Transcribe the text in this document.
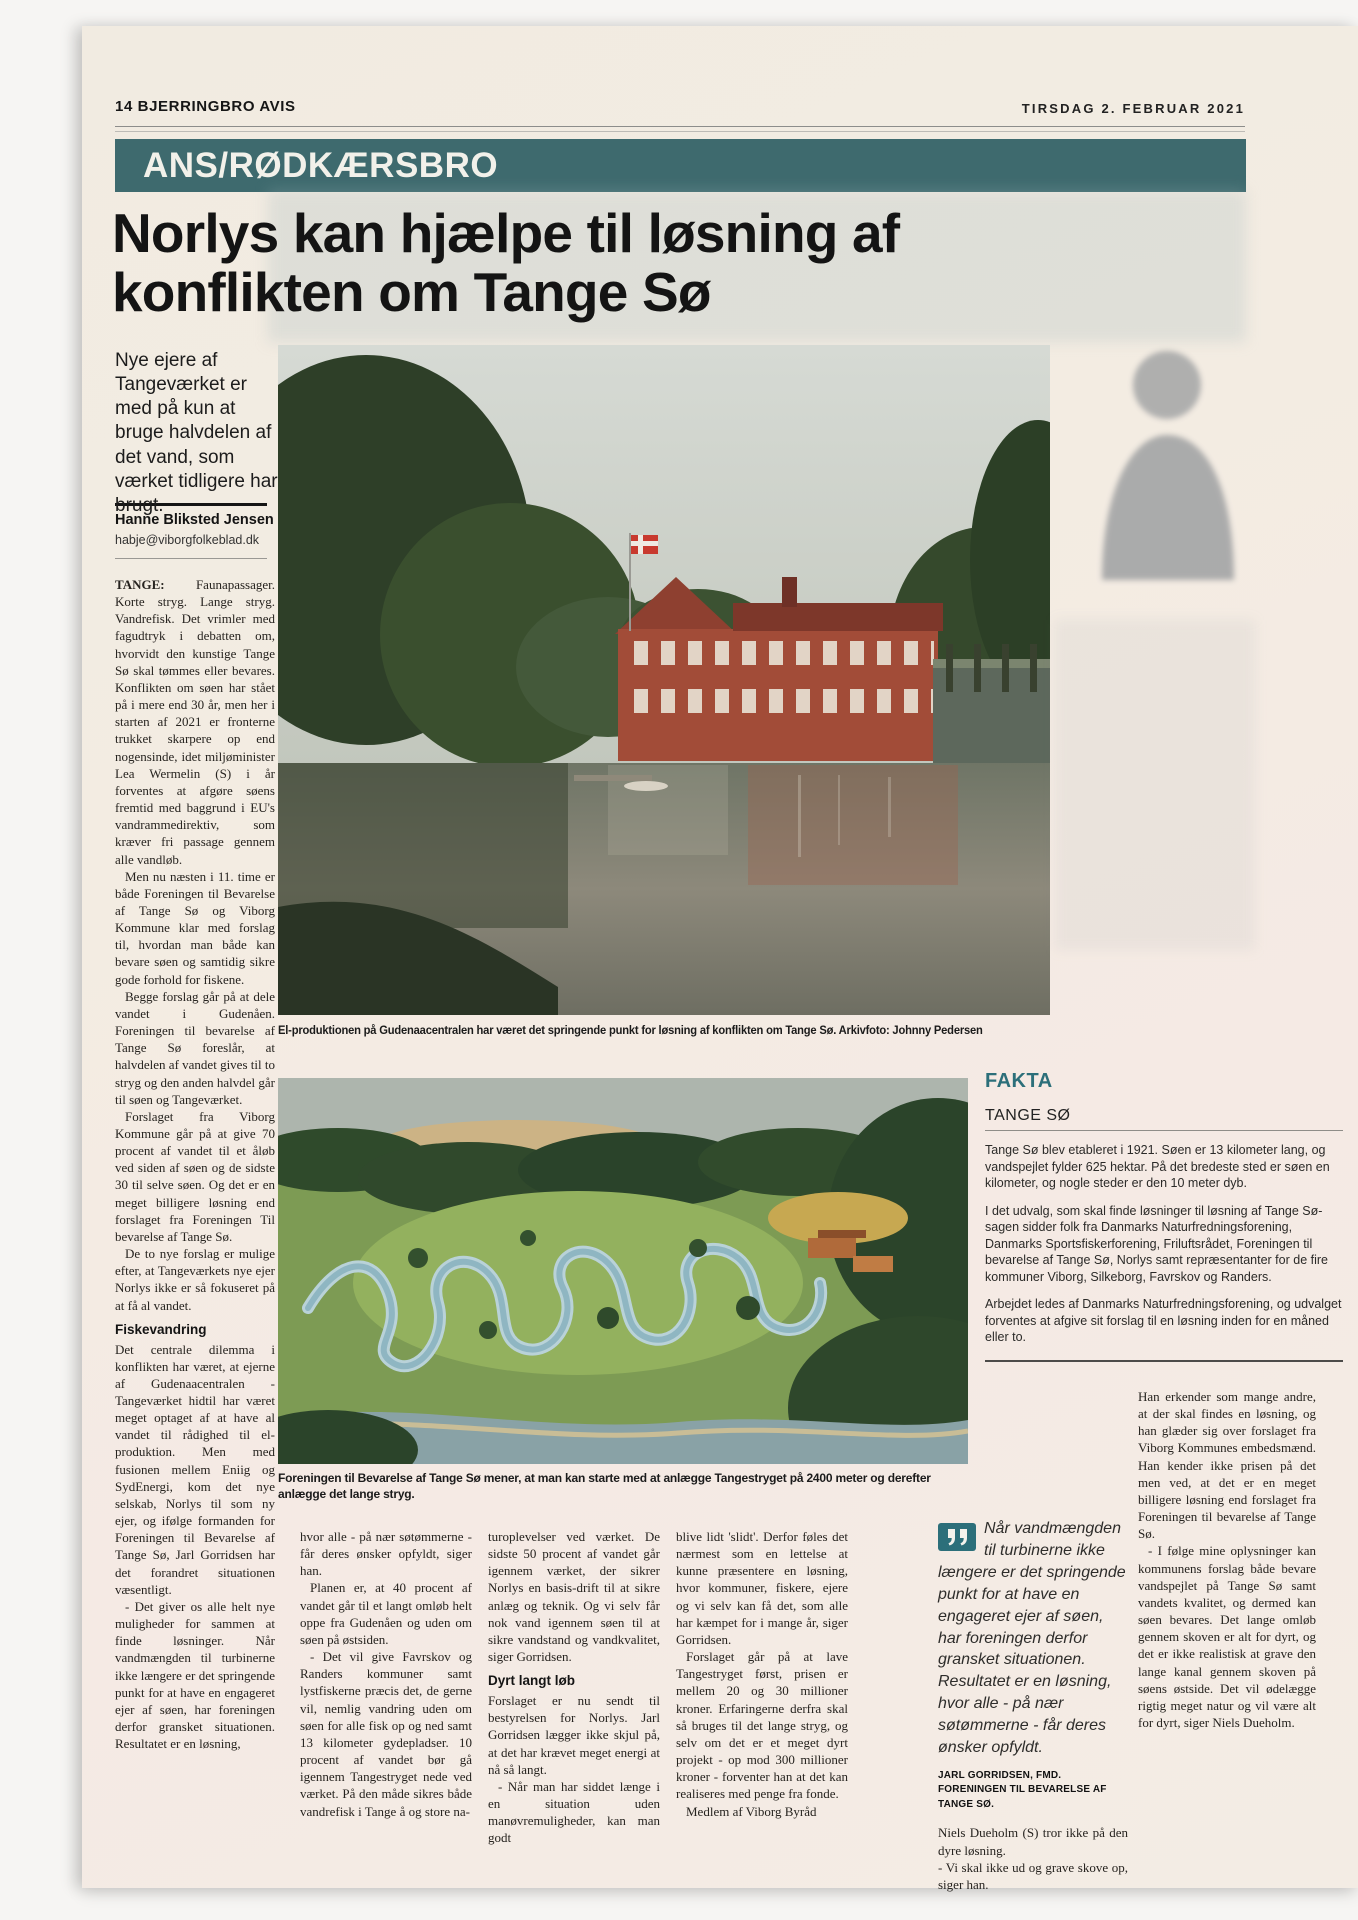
14 BJERRINGBRO AVIS	TIRSDAG 2. FEBRUAR 2021
ANS/RØDKÆRSBRO
Norlys kan hjælpe til løsning af
konflikten om Tange Sø
Nye ejere af Tangeværket er med på kun at bruge halvdelen af det vand, som værket tidligere har brugt.
Hanne Bliksted Jensen
habje@viborgfolkeblad.dk

TANGE: Faunapassager. Korte stryg. Lange stryg. Vandrefisk. Det vrimler med fagudtryk i debatten om, hvorvidt den kunstige Tange Sø skal tømmes eller bevares. Konflikten om søen har stået på i mere end 30 år, men her i starten af 2021 er fronterne trukket skarpere op end nogensinde, idet miljøminister Lea Wermelin (S) i år forventes at afgøre søens fremtid med baggrund i EU's vandrammedirektiv, som kræver fri passage gennem alle vandløb.

Men nu næsten i 11. time er både Foreningen til Bevarelse af Tange Sø og Viborg Kommune klar med forslag til, hvordan man både kan bevare søen og samtidig sikre gode forhold for fiskene.

Begge forslag går på at dele vandet i Gudenåen. Foreningen til bevarelse af Tange Sø foreslår, at halvdelen af vandet gives til to stryg og den anden halvdel går til søen og Tangeværket.

Forslaget fra Viborg Kommune går på at give 70 procent af vandet til et åløb ved siden af søen og de sidste 30 til selve søen. Og det er en meget billigere løsning end forslaget fra Foreningen Til bevarelse af Tange Sø.

De to nye forslag er mulige efter, at Tangeværkets nye ejer Norlys ikke er så fokuseret på at få al vandet.

Fiskevandring

Det centrale dilemma i konflikten har været, at ejerne af Gudenaacentralen - Tangeværket hidtil har været meget optaget af at have al vandet til rådighed til el-produktion. Men med fusionen mellem Eniig og SydEnergi, kom det nye selskab, Norlys til som ny ejer, og ifølge formanden for Foreningen til Bevarelse af Tange Sø, Jarl Gorridsen har det forandret situationen væsentligt.

- Det giver os alle helt nye muligheder for sammen at finde løsninger. Når vandmængden til turbinerne ikke længere er det springende punkt for at have en engageret ejer af søen, har foreningen derfor gransket situationen. Resultatet er en løsning,

El-produktionen på Gudenaacentralen har været det springende punkt for løsning af konflikten om Tange Sø. Arkivfoto: Johnny Pedersen
Foreningen til Bevarelse af Tange Sø mener, at man kan starte med at anlægge Tangestryget på 2400 meter og derefter anlægge det lange stryg.
FAKTA
TANGE SØ

Tange Sø blev etableret i 1921. Søen er 13 kilometer lang, og vandspejlet fylder 625 hektar. På det bredeste sted er søen en kilometer, og nogle steder er den 10 meter dyb.

I det udvalg, som skal finde løsninger til løsning af Tange Sø-sagen sidder folk fra Danmarks Naturfredningsforening, Danmarks Sportsfiskerforening, Friluftsrådet, Foreningen til bevarelse af Tange Sø, Norlys samt repræsentanter for de fire kommuner Viborg, Silkeborg, Favrskov og Randers.

Arbejdet ledes af Danmarks Naturfredningsforening, og udvalget forventes at afgive sit forslag til en løsning inden for en måned eller to.

hvor alle - på nær søtømmerne - får deres ønsker opfyldt, siger han.

Planen er, at 40 procent af vandet går til et langt omløb helt oppe fra Gudenåen og uden om søen på østsiden.

- Det vil give Favrskov og Randers kommuner samt lystfiskerne præcis det, de gerne vil, nemlig vandring uden om søen for alle fisk op og ned samt 13 kilometer gydepladser. 10 procent af vandet bør gå igennem Tangestryget nede ved værket. På den måde sikres både vandrefisk i Tange å og store na-

turoplevelser ved værket. De sidste 50 procent af vandet går igennem værket, der sikrer Norlys en basis-drift til at sikre anlæg og teknik. Og vi selv får nok vand igennem søen til at sikre vandstand og vandkvalitet, siger Gorridsen.

Dyrt langt løb

Forslaget er nu sendt til bestyrelsen for Norlys. Jarl Gorridsen lægger ikke skjul på, at det har krævet meget energi at nå så langt.

- Når man har siddet længe i en situation uden manøvremuligheder, kan man godt

blive lidt 'slidt'. Derfor føles det nærmest som en lettelse at kunne præsentere en løsning, hvor kommuner, fiskere, ejere og vi selv kan få det, som alle har kæmpet for i mange år, siger Gorridsen.

Forslaget går på at lave Tangestryget først, prisen er mellem 20 og 30 millioner kroner. Erfaringerne derfra skal så bruges til det lange stryg, og selv om det er et meget dyrt projekt - op mod 300 millioner kroner - forventer han at det kan realiseres med penge fra fonde.

Medlem af Viborg Byråd

Når vandmængden til turbinerne ikke længere er det springende punkt for at have en engageret ejer af søen, har foreningen derfor gransket situationen. Resultatet er en løsning, hvor alle - på nær søtømmerne - får deres ønsker opfyldt.
JARL GORRIDSEN, FMD. FORENINGEN TIL BEVARELSE AF TANGE SØ.

Niels Dueholm (S) tror ikke på den dyre løsning.

- Vi skal ikke ud og grave skove op, siger han.

Han erkender som mange andre, at der skal findes en løsning, og han glæder sig over forslaget fra Viborg Kommunes embedsmænd. Han kender ikke prisen på det men ved, at det er en meget billigere løsning end forslaget fra Foreningen til bevarelse af Tange Sø.

- I følge mine oplysninger kan kommunens forslag både bevare vandspejlet på Tange Sø samt vandets kvalitet, og dermed kan søen bevares. Det lange omløb gennem skoven er alt for dyrt, og det er ikke realistisk at grave den lange kanal gennem skoven på søens østside. Det vil ødelægge rigtig meget natur og vil være alt for dyrt, siger Niels Dueholm.
